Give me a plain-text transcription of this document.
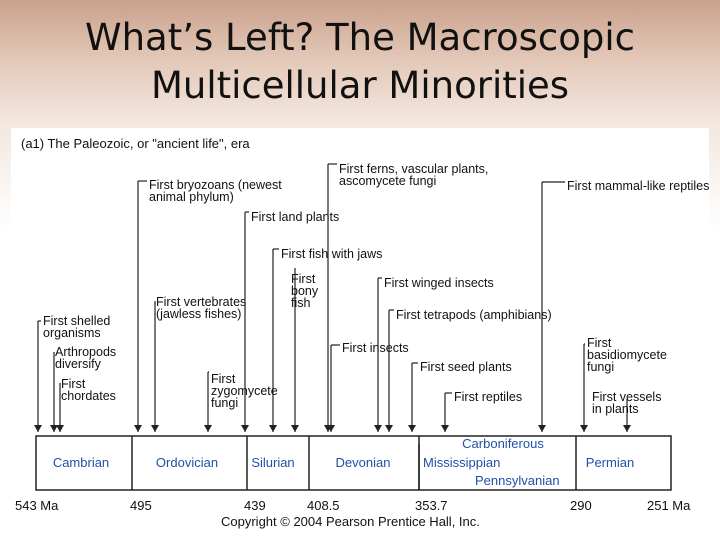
What’s Left? The Macroscopic
Multicellular Minorities
(a1) The Paleozoic, or "ancient life", era
First shelled
organisms
Arthropods
diversify
First
chordates
First bryozoans (newest
animal phylum)
First vertebrates
(jawless fishes)
First
zygomycete
fungi
First land plants
First fish with jaws
First
bony
fish
First insects
First ferns, vascular plants,
ascomycete fungi
First winged insects
First tetrapods (amphibians)
First seed plants
First reptiles
First mammal-like reptiles
First
basidiomycete
fungi
First vessels
in plants
Cambrian	Ordovician	Silurian	Devonian
Carboniferous
Mississippian
Pennsylvanian
Permian
543 Ma	495	439	408.5	353.7	290	251 Ma
Copyright © 2004 Pearson Prentice Hall, Inc.
